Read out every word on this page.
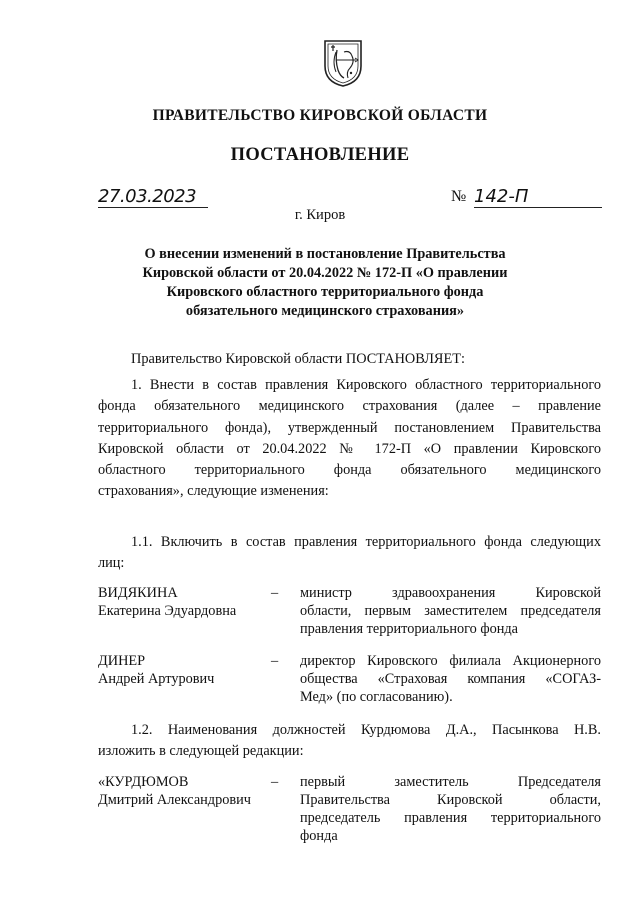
ПРАВИТЕЛЬСТВО КИРОВСКОЙ ОБЛАСТИ
ПОСТАНОВЛЕНИЕ
27.03.2023	№ 142-П
г. Киров
О внесении изменений в постановление Правительства
Кировской области от 20.04.2022 № 172-П «О правлении
Кировского областного территориального фонда
обязательного медицинского страхования»
Правительство Кировской области ПОСТАНОВЛЯЕТ:
1. Внести в состав правления Кировского областного территориального
фонда обязательного медицинского страхования (далее – правление
территориального фонда), утвержденный постановлением Правительства
Кировской области от 20.04.2022 № 172-П «О правлении Кировского
областного территориального фонда обязательного медицинского
страхования», следующие изменения:
1.1. Включить в состав правления территориального фонда следующих
лиц:
ВИДЯКИНА
Екатерина Эдуардовна
– министр здравоохранения Кировской
области, первым заместителем председателя
правления территориального фонда
ДИНЕР
Андрей Артурович
– директор Кировского филиала Акционерного
общества «Страховая компания «СОГАЗ-
Мед» (по согласованию).
1.2. Наименования должностей Курдюмова Д.А., Пасынкова Н.В.
изложить в следующей редакции:
«КУРДЮМОВ
Дмитрий Александрович
– первый заместитель Председателя
Правительства Кировской области,
председатель правления территориального
фонда
